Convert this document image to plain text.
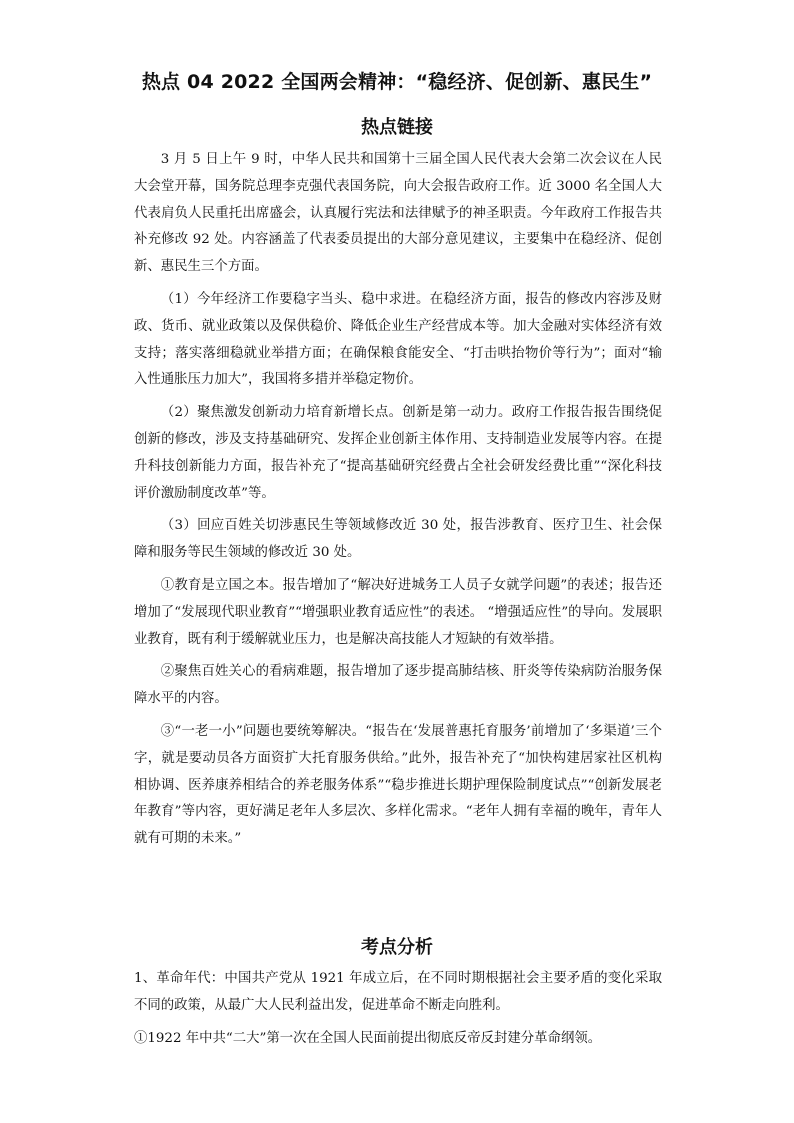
热点 04 2022 全国两会精神：“稳经济、促创新、惠民生”
热点链接

3 月 5 日上午 9 时，中华人民共和国第十三届全国人民代表大会第二次会议在人民大会堂开幕，国务院总理李克强代表国务院，向大会报告政府工作。近 3000 名全国人大代表肩负人民重托出席盛会，认真履行宪法和法律赋予的神圣职责。今年政府工作报告共补充修改 92 处。内容涵盖了代表委员提出的大部分意见建议，主要集中在稳经济、促创新、惠民生三个方面。

（1）今年经济工作要稳字当头、稳中求进。在稳经济方面，报告的修改内容涉及财政、货币、就业政策以及保供稳价、降低企业生产经营成本等。加大金融对实体经济有效支持；落实落细稳就业举措方面；在确保粮食能安全、“打击哄抬物价等行为”；面对“输入性通胀压力加大”，我国将多措并举稳定物价。

（2）聚焦激发创新动力培育新增长点。创新是第一动力。政府工作报告报告围绕促创新的修改，涉及支持基础研究、发挥企业创新主体作用、支持制造业发展等内容。在提升科技创新能力方面，报告补充了“提高基础研究经费占全社会研发经费比重”“深化科技评价激励制度改革”等。

（3）回应百姓关切涉惠民生等领域修改近 30 处，报告涉教育、医疗卫生、社会保障和服务等民生领域的修改近 30 处。

①教育是立国之本。报告增加了“解决好进城务工人员子女就学问题”的表述；报告还增加了“发展现代职业教育”“增强职业教育适应性”的表述。 “增强适应性”的导向。发展职业教育，既有利于缓解就业压力，也是解决高技能人才短缺的有效举措。

②聚焦百姓关心的看病难题，报告增加了逐步提高肺结核、肝炎等传染病防治服务保障水平的内容。

③“一老一小”问题也要统筹解决。“报告在‘发展普惠托育服务’前增加了‘多渠道’三个字，就是要动员各方面资扩大托育服务供给。”此外，报告补充了“加快构建居家社区机构相协调、医养康养相结合的养老服务体系”“稳步推进长期护理保险制度试点”“创新发展老年教育”等内容，更好满足老年人多层次、多样化需求。“老年人拥有幸福的晚年，青年人就有可期的未来。”

考点分析

1、革命年代：中国共产党从 1921 年成立后，在不同时期根据社会主要矛盾的变化采取不同的政策，从最广大人民利益出发，促进革命不断走向胜利。

①1922 年中共“二大”第一次在全国人民面前提出彻底反帝反封建分革命纲领。
